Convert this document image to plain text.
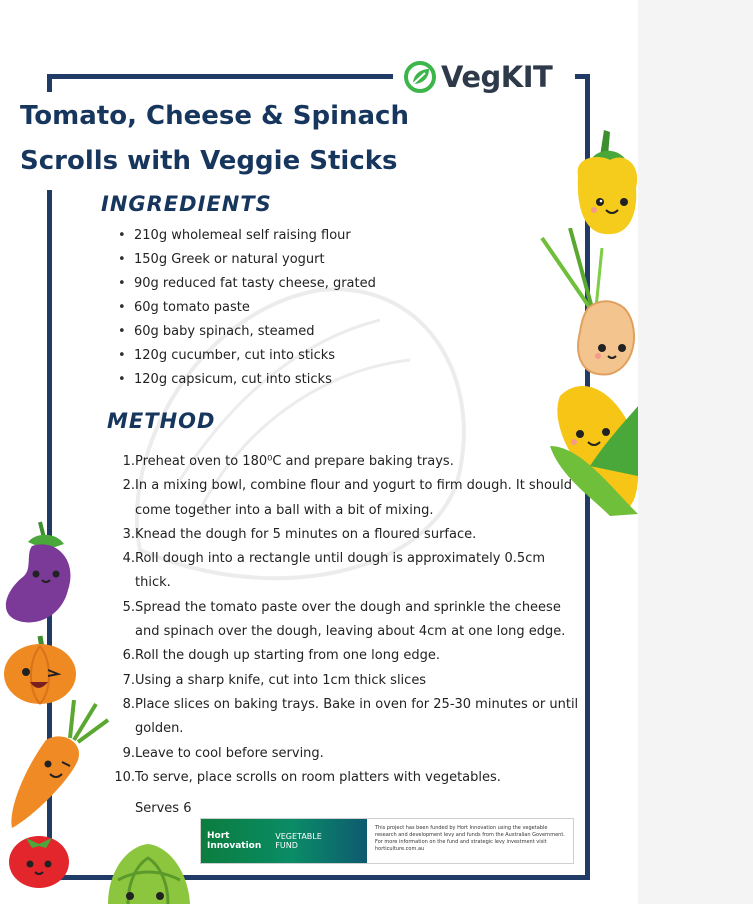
VegKIT
Tomato, Cheese & Spinach
Scrolls with Veggie Sticks
INGREDIENTS
• 210g wholemeal self raising flour
• 150g Greek or natural yogurt
• 90g reduced fat tasty cheese, grated
• 60g tomato paste
• 60g baby spinach, steamed
• 120g cucumber, cut into sticks
• 120g capsicum, cut into sticks
METHOD
1. Preheat oven to 180⁰C and prepare baking trays.
2. In a mixing bowl, combine flour and yogurt to firm dough. It should come together into a ball with a bit of mixing.
3. Knead the dough for 5 minutes on a floured surface.
4. Roll dough into a rectangle until dough is approximately 0.5cm thick.
5. Spread the tomato paste over the dough and sprinkle the cheese and spinach over the dough, leaving about 4cm at one long edge.
6. Roll the dough up starting from one long edge.
7. Using a sharp knife, cut into 1cm thick slices
8. Place slices on baking trays. Bake in oven for 25-30 minutes or until golden.
9. Leave to cool before serving.
10. To serve, place scrolls on room platters with vegetables.
Serves 6
Hort
Innovation
VEGETABLE
FUND
This project has been funded by Hort Innovation using the vegetable research and development levy and funds from the Australian Government. For more information on the fund and strategic levy investment visit horticulture.com.au
